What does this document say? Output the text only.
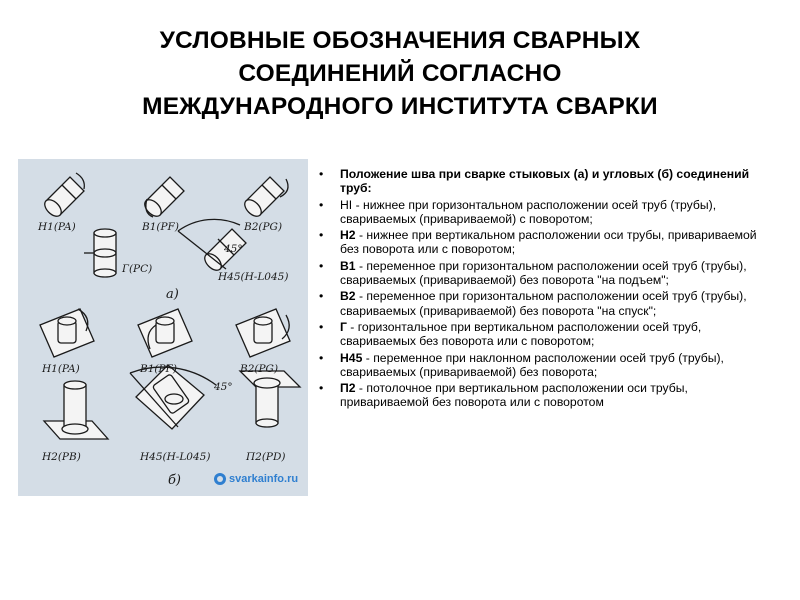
УСЛОВНЫЕ ОБОЗНАЧЕНИЯ СВАРНЫХ
СОЕДИНЕНИЙ СОГЛАСНО
МЕЖДУНАРОДНОГО ИНСТИТУТА СВАРКИ
H1(PA)	B1(PF)	B2(PG)
Г(PC)
45°
H45(H-L045)
а)
H1(PA)	B1(PF)	B2(PG)
45°
H2(PB)	H45(H-L045)	П2(PD)
б)	svarkainfo.ru
• Положение шва при сварке стыковых (а) и угловых (б) соединений труб:
• HI - нижнее при горизонтальном расположении осей труб (трубы), свариваемых (привариваемой) с поворотом;
• Н2 - нижнее при вертикальном расположении оси трубы, привариваемой без поворота или с поворотом;
• В1 - переменное при горизонтальном расположении осей труб (трубы), свариваемых (привариваемой) без поворота "на подъем";
• В2 - переменное при горизонтальном расположении осей труб (трубы), свариваемых (привариваемой) без поворота "на спуск";
• Г - горизонтальное при вертикальном расположении осей труб, свариваемых без поворота или с поворотом;
• Н45 - переменное при наклонном расположении осей труб (трубы), свариваемых (привариваемой) без поворота;
• П2 - потолочное при вертикальном расположении оси трубы, привариваемой без поворота или с поворотом
